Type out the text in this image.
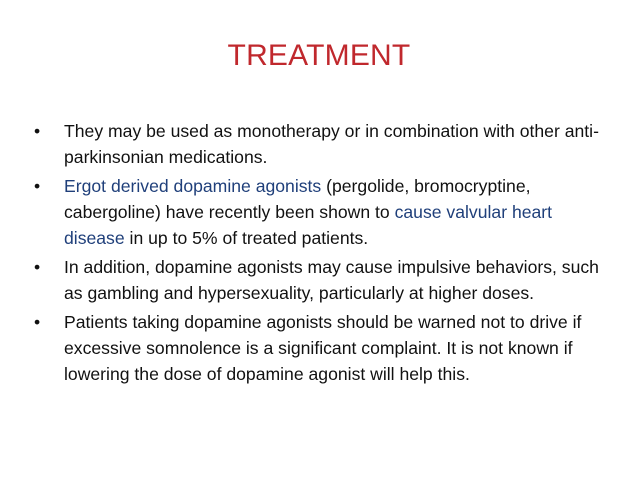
TREATMENT
•	They may be used as monotherapy or in combination with other anti- parkinsonian medications.
•	Ergot derived dopamine agonists (pergolide, bromocryptine, cabergoline) have recently been shown to cause valvular heart disease in up to 5% of treated patients.
•	In addition, dopamine agonists may cause impulsive behaviors, such as gambling and hypersexuality, particularly at higher doses.
•	Patients taking dopamine agonists should be warned not to drive if excessive somnolence is a significant complaint. It is not known if lowering the dose of dopamine agonist will help this.
